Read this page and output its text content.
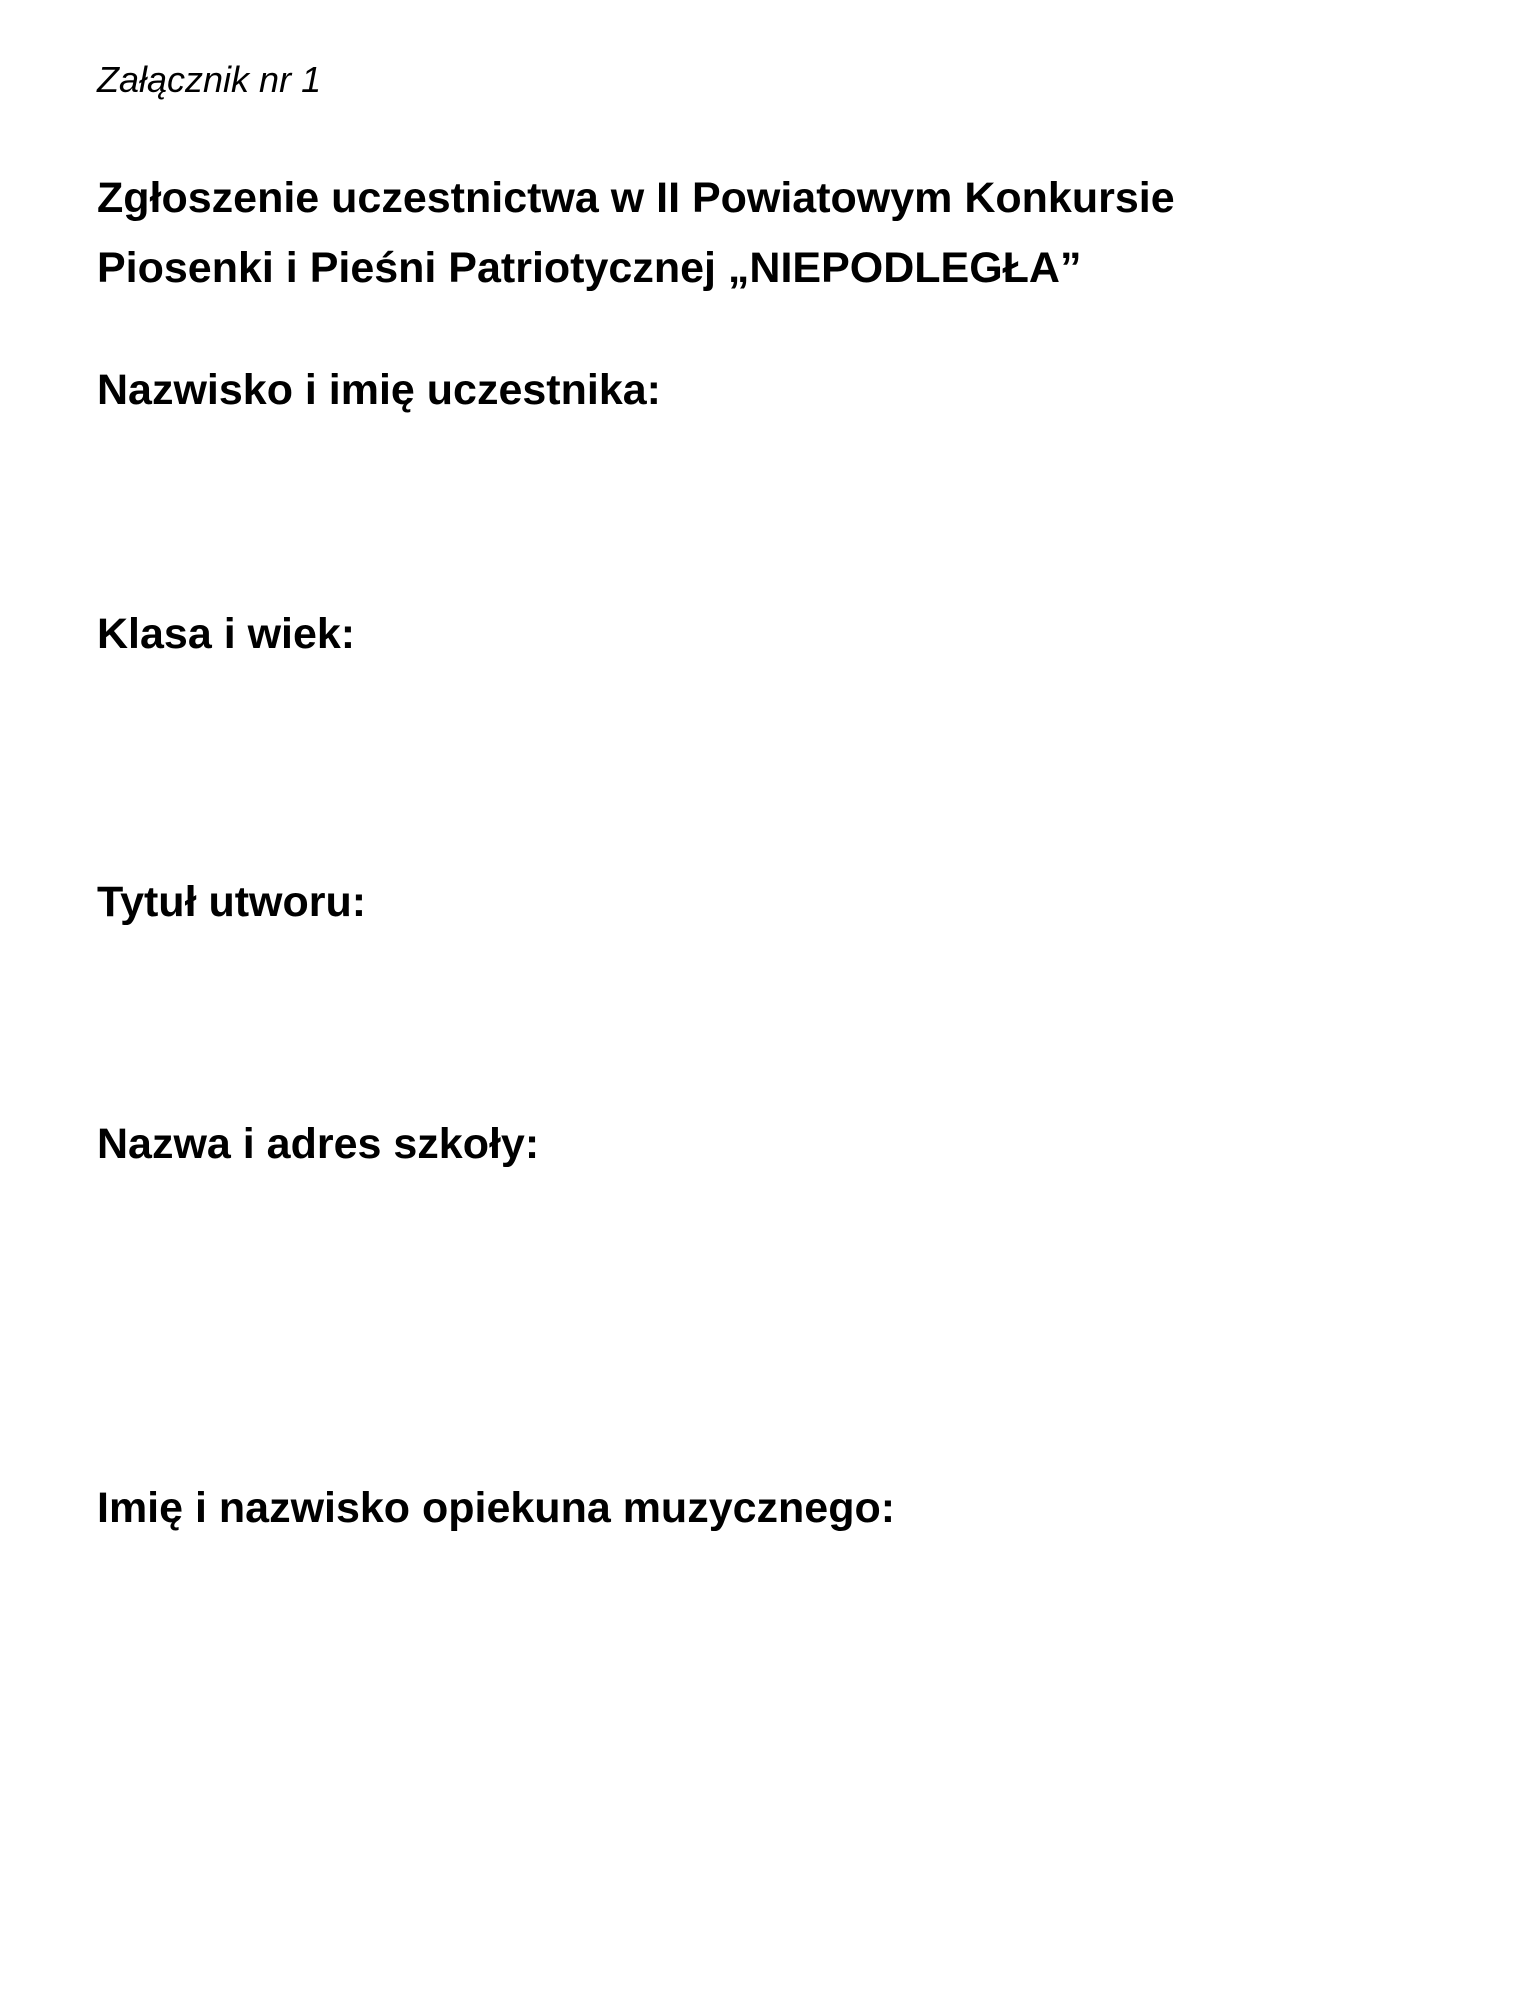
Załącznik nr 1
Zgłoszenie uczestnictwa w II Powiatowym Konkursie
Piosenki i Pieśni Patriotycznej „NIEPODLEGŁA”
Nazwisko i imię uczestnika:
Klasa i wiek:
Tytuł utworu:
Nazwa i adres szkoły:
Imię i nazwisko opiekuna muzycznego:
